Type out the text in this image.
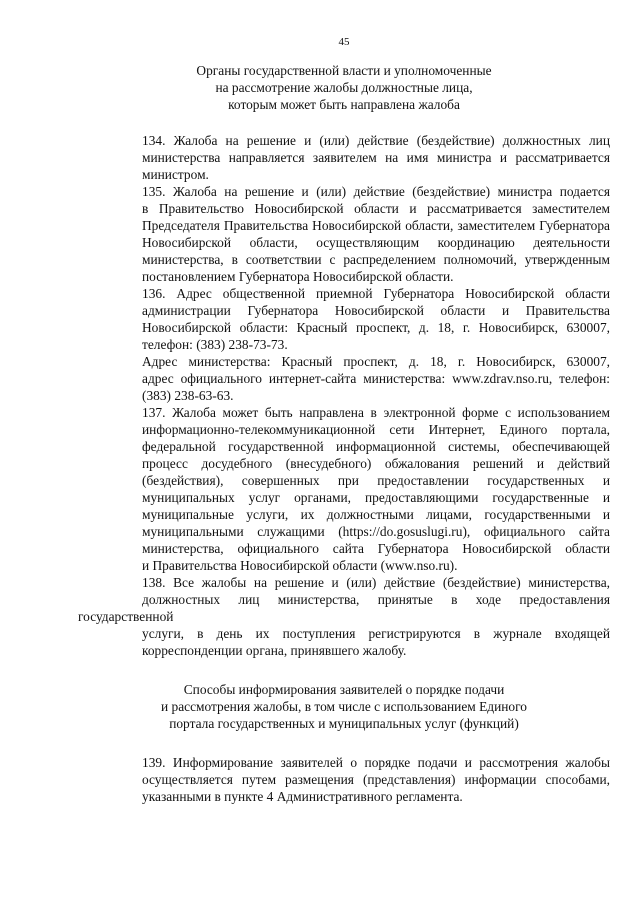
45
Органы государственной власти и уполномоченные
на рассмотрение жалобы должностные лица,
которым может быть направлена жалоба
134. Жалоба на решение и (или) действие (бездействие) должностных лиц
министерства направляется заявителем на имя министра и рассматривается
министром.
135. Жалоба на решение и (или) действие (бездействие) министра подается
в Правительство Новосибирской области и рассматривается заместителем
Председателя Правительства Новосибирской области, заместителем Губернатора
Новосибирской области, осуществляющим координацию деятельности
министерства, в соответствии с распределением полномочий, утвержденным
постановлением Губернатора Новосибирской области.
136. Адрес общественной приемной Губернатора Новосибирской области
администрации Губернатора Новосибирской области и Правительства
Новосибирской области: Красный проспект, д. 18, г. Новосибирск, 630007,
телефон: (383) 238-73-73.
Адрес министерства: Красный проспект, д. 18, г. Новосибирск, 630007,
адрес официального интернет-сайта министерства: www.zdrav.nso.ru, телефон:
(383) 238-63-63.
137. Жалоба может быть направлена в электронной форме с использованием
информационно-телекоммуникационной сети Интернет, Единого портала,
федеральной государственной информационной системы, обеспечивающей
процесс досудебного (внесудебного) обжалования решений и действий
(бездействия), совершенных при предоставлении государственных и
муниципальных услуг органами, предоставляющими государственные и
муниципальные услуги, их должностными лицами, государственными и
муниципальными служащими (https://do.gosuslugi.ru), официального сайта
министерства, официального сайта Губернатора Новосибирской области
и Правительства Новосибирской области (www.nso.ru).
138. Все жалобы на решение и (или) действие (бездействие) министерства,
должностных лиц министерства, принятые в ходе предоставления государственной
услуги, в день их поступления регистрируются в журнале входящей
корреспонденции органа, принявшего жалобу.
Способы информирования заявителей о порядке подачи
и рассмотрения жалобы, в том числе с использованием Единого
портала государственных и муниципальных услуг (функций)
139. Информирование заявителей о порядке подачи и рассмотрения жалобы
осуществляется путем размещения (представления) информации способами,
указанными в пункте 4 Административного регламента.
